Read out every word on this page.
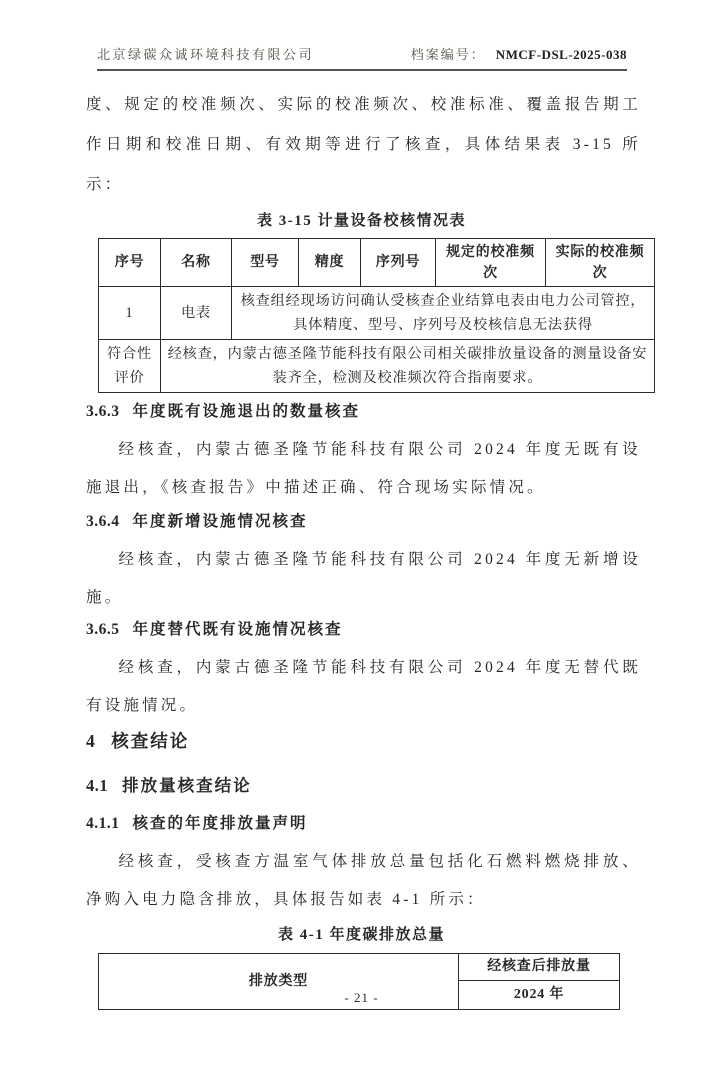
北京绿碳众诚环境科技有限公司	档案编号： NMCF-DSL-2025-038

度、规定的校准频次、实际的校准频次、校准标准、覆盖报告期工作日期和校准日期、有效期等进行了核查，具体结果表 3-15 所示：

表 3-15 计量设备校核情况表

序号	名称	型号	精度	序列号	规定的校准频次	实际的校准频次
1	电表	核查组经现场访问确认受核查企业结算电表由电力公司管控，具体精度、型号、序列号及校核信息无法获得				
符合性评价	经核查，内蒙古德圣隆节能科技有限公司相关碳排放量设备的测量设备安装齐全，检测及校准频次符合指南要求。					
3.6.3 年度既有设施退出的数量核查

经核查，内蒙古德圣隆节能科技有限公司 2024 年度无既有设施退出，《核查报告》中描述正确、符合现场实际情况。

3.6.4 年度新增设施情况核查

经核查，内蒙古德圣隆节能科技有限公司 2024 年度无新增设施。

3.6.5 年度替代既有设施情况核查

经核查，内蒙古德圣隆节能科技有限公司 2024 年度无替代既有设施情况。

4 核查结论
4.1 排放量核查结论
4.1.1 核查的年度排放量声明

经核查，受核查方温室气体排放总量包括化石燃料燃烧排放、净购入电力隐含排放，具体报告如表 4-1 所示：

表 4-1 年度碳排放总量

排放类型	经核查后排放量
2024 年
- 21 -
